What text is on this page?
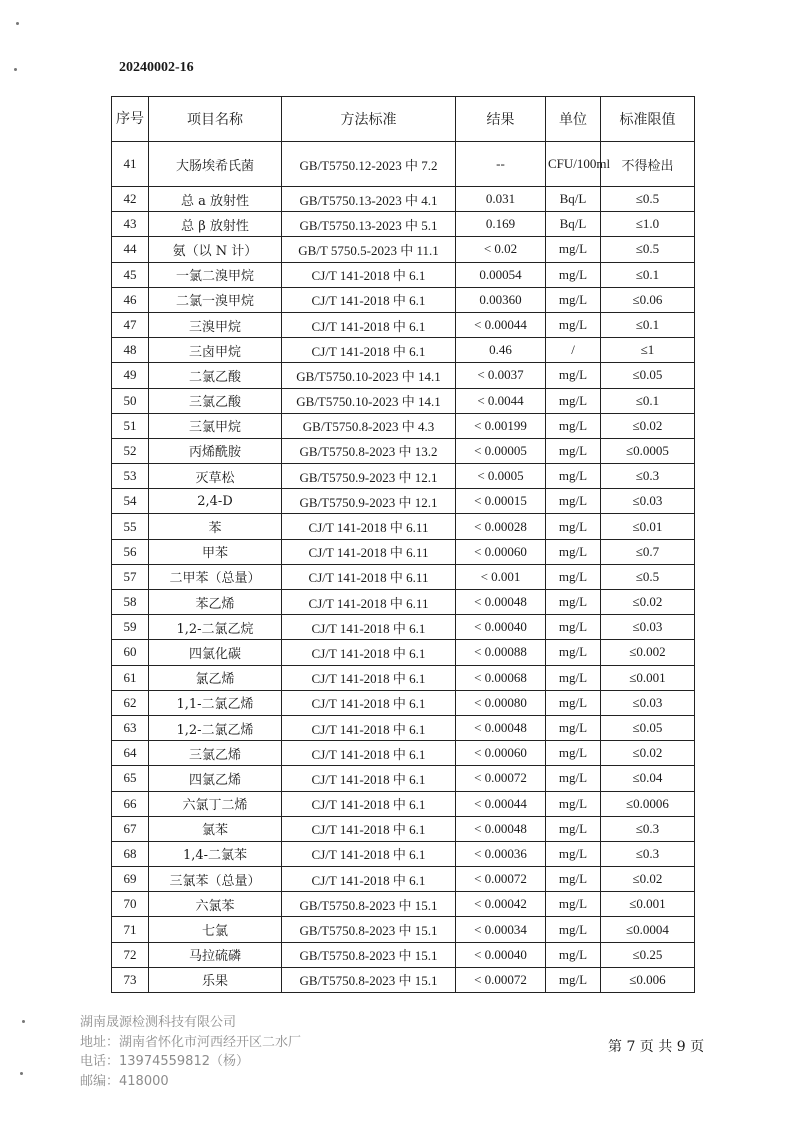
20240002-16
序号	项目名称	方法标准	结果	单位	标准限值
41	大肠埃希氏菌	GB/T5750.12-2023 中 7.2	--	CFU/100ml	不得检出
42	总 a 放射性	GB/T5750.13-2023 中 4.1	0.031	Bq/L	≤0.5
43	总 β 放射性	GB/T5750.13-2023 中 5.1	0.169	Bq/L	≤1.0
44	氨（以 N 计）	GB/T 5750.5-2023 中 11.1	< 0.02	mg/L	≤0.5
45	一氯二溴甲烷	CJ/T 141-2018 中 6.1	0.00054	mg/L	≤0.1
46	二氯一溴甲烷	CJ/T 141-2018 中 6.1	0.00360	mg/L	≤0.06
47	三溴甲烷	CJ/T 141-2018 中 6.1	< 0.00044	mg/L	≤0.1
48	三卤甲烷	CJ/T 141-2018 中 6.1	0.46	/	≤1
49	二氯乙酸	GB/T5750.10-2023 中 14.1	< 0.0037	mg/L	≤0.05
50	三氯乙酸	GB/T5750.10-2023 中 14.1	< 0.0044	mg/L	≤0.1
51	三氯甲烷	GB/T5750.8-2023 中 4.3	< 0.00199	mg/L	≤0.02
52	丙烯酰胺	GB/T5750.8-2023 中 13.2	< 0.00005	mg/L	≤0.0005
53	灭草松	GB/T5750.9-2023 中 12.1	< 0.0005	mg/L	≤0.3
54	2,4-D	GB/T5750.9-2023 中 12.1	< 0.00015	mg/L	≤0.03
55	苯	CJ/T 141-2018 中 6.11	< 0.00028	mg/L	≤0.01
56	甲苯	CJ/T 141-2018 中 6.11	< 0.00060	mg/L	≤0.7
57	二甲苯（总量）	CJ/T 141-2018 中 6.11	< 0.001	mg/L	≤0.5
58	苯乙烯	CJ/T 141-2018 中 6.11	< 0.00048	mg/L	≤0.02
59	1,2-二氯乙烷	CJ/T 141-2018 中 6.1	< 0.00040	mg/L	≤0.03
60	四氯化碳	CJ/T 141-2018 中 6.1	< 0.00088	mg/L	≤0.002
61	氯乙烯	CJ/T 141-2018 中 6.1	< 0.00068	mg/L	≤0.001
62	1,1-二氯乙烯	CJ/T 141-2018 中 6.1	< 0.00080	mg/L	≤0.03
63	1,2-二氯乙烯	CJ/T 141-2018 中 6.1	< 0.00048	mg/L	≤0.05
64	三氯乙烯	CJ/T 141-2018 中 6.1	< 0.00060	mg/L	≤0.02
65	四氯乙烯	CJ/T 141-2018 中 6.1	< 0.00072	mg/L	≤0.04
66	六氯丁二烯	CJ/T 141-2018 中 6.1	< 0.00044	mg/L	≤0.0006
67	氯苯	CJ/T 141-2018 中 6.1	< 0.00048	mg/L	≤0.3
68	1,4-二氯苯	CJ/T 141-2018 中 6.1	< 0.00036	mg/L	≤0.3
69	三氯苯（总量）	CJ/T 141-2018 中 6.1	< 0.00072	mg/L	≤0.02
70	六氯苯	GB/T5750.8-2023 中 15.1	< 0.00042	mg/L	≤0.001
71	七氯	GB/T5750.8-2023 中 15.1	< 0.00034	mg/L	≤0.0004
72	马拉硫磷	GB/T5750.8-2023 中 15.1	< 0.00040	mg/L	≤0.25
73	乐果	GB/T5750.8-2023 中 15.1	< 0.00072	mg/L	≤0.006
湖南晟源检测科技有限公司
地址：湖南省怀化市河西经开区二水厂
电话：13974559812（杨）
邮编：418000
第 7 页 共 9 页
